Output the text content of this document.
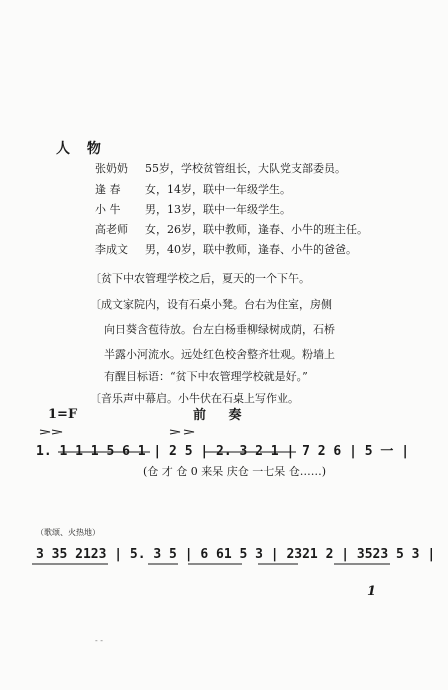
人 物
张奶奶 55岁，学校贫管组长，大队党支部委员。
逢 春 女，14岁，联中一年级学生。
小 牛 男，13岁，联中一年级学生。
高老师 女，26岁，联中教师，逢春、小牛的班主任。
李成文 男，40岁，联中教师，逢春、小牛的爸爸。
〔贫下中农管理学校之后，夏天的一个下午。
〔成文家院内，设有石桌小凳。台右为住室，房侧
向日葵含苞待放。台左白杨垂柳绿树成荫，石桥
半露小河流水。远处红色校舍整齐壮观。粉墙上
有醒目标语：“贫下中农管理学校就是好。”
〔音乐声中幕启。小牛伏在石桌上写作业。
1=F	前 奏
1. 1 1 1 5 6 1 | 2 5 | 2. 3 2 1 | 7 2 6 | 5 一 |
(仓 才 仓 0 来呆 庆仓 一七呆 仓……)
（歌颂、火热地）
3 35 2123 | 5. 3 5 | 6 61 5 3 | 2321 2 | 3523 5 3 |
1
- -
